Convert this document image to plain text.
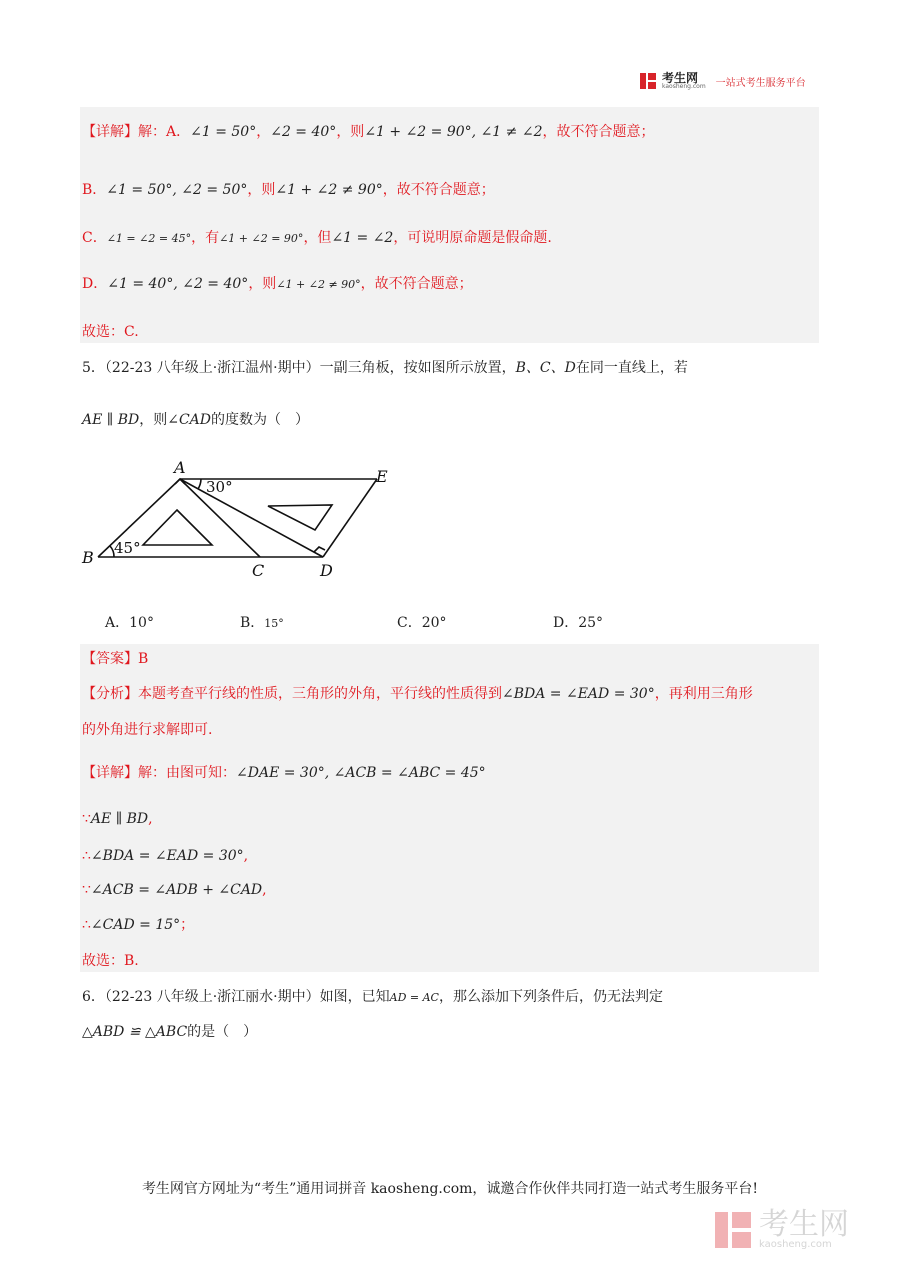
考生网
kaosheng.com 一站式考生服务平台
【详解】解：A．∠1 = 50°，∠2 = 40°，则∠1 + ∠2 = 90°, ∠1 ≠ ∠2，故不符合题意；
B．∠1 = 50°, ∠2 = 50°，则∠1 + ∠2 ≠ 90°，故不符合题意；
C．∠1 = ∠2 = 45°，有∠1 + ∠2 = 90°，但∠1 = ∠2，可说明原命题是假命题.
D．∠1 = 40°, ∠2 = 40°，则∠1 + ∠2 ≠ 90°，故不符合题意；
故选：C.
5．（22-23 八年级上·浙江温州·期中）一副三角板，按如图所示放置，B、C、D在同一直线上，若
AE ∥ BD，则∠CAD的度数为（　）
A
B
C	D
E
30°
45°
A．10°	B．15°	C．20°	D．25°
【答案】B
【分析】本题考查平行线的性质，三角形的外角，平行线的性质得到∠BDA = ∠EAD = 30°，再利用三角形
的外角进行求解即可.
【详解】解：由图可知：∠DAE = 30°, ∠ACB = ∠ABC = 45°
∵AE ∥ BD,
∴∠BDA = ∠EAD = 30°,
∵∠ACB = ∠ADB + ∠CAD,
∴∠CAD = 15°；
故选：B.
6．（22-23 八年级上·浙江丽水·期中）如图，已知AD = AC，那么添加下列条件后，仍无法判定
△ABD ≌ △ABC的是（　）
考生网官方网址为“考生”通用词拼音 kaosheng.com，诚邀合作伙伴共同打造一站式考生服务平台!
考生网
kaosheng.com
